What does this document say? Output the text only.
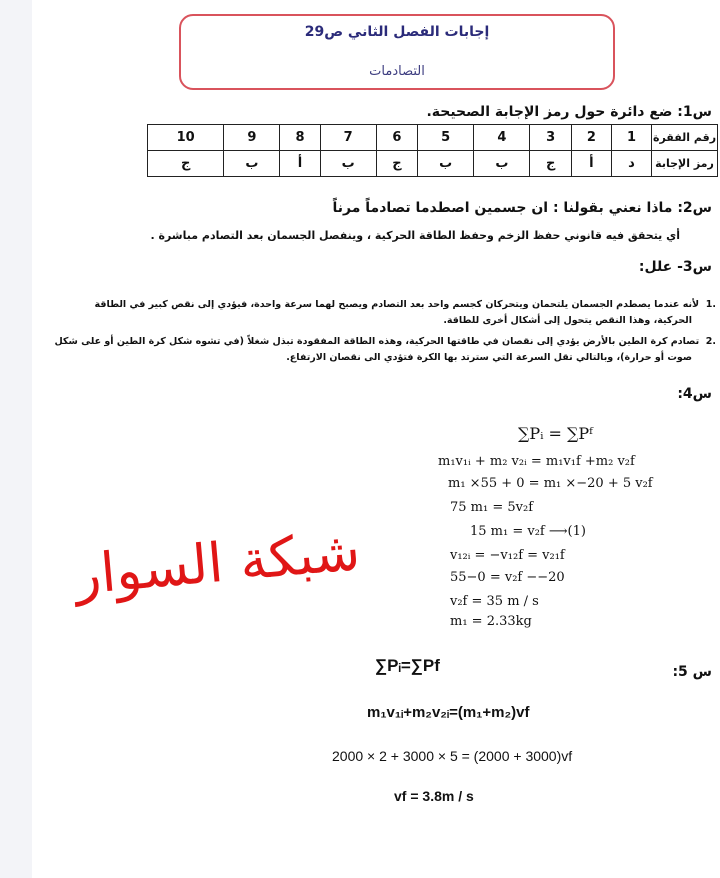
إجابات الفصل الثاني ص29
التصادمات
س1: ضع دائرة حول رمز الإجابة الصحيحة.
رقم الفقرة	1	2	3	4	5	6	7	8	9	10
رمز الإجابة	د	أ	ج	ب	ب	ج	ب	أ	ب	ج
س2: ماذا نعني بقولنا : ان جسمين اصطدما تصادماً مرناً
أي يتحقق فيه قانوني حفظ الزخم وحفظ الطاقة الحركية ، وينفصل الجسمان بعد التصادم مباشرة .
س3- علل:
.1  لأنه عندما يصطدم الجسمان يلتحمان ويتحركان كجسم واحد بعد التصادم ويصبح لهما سرعة واحدة، فيؤدي إلى نقص كبير في الطاقة
الحركية، وهذا النقص يتحول إلى أشكال أخرى للطاقة.
.2  تصادم كرة الطين بالأرض يؤدي إلى نقصان في طاقتها الحركية، وهذه الطاقة المفقودة تبذل شغلاً (في تشوه شكل كرة الطين أو على شكل
صوت أو حرارة)، وبالتالي تقل السرعة التي سترتد بها الكرة فتؤدي الى نقصان الارتفاع.
:س4
∑Pᵢ = ∑Pᶠ
m₁v₁ᵢ + m₂ v₂ᵢ = m₁v₁f +m₂ v₂f
m₁ ×55 + 0 = m₁ ×−20 + 5 v₂f
75 m₁ = 5v₂f
15 m₁ = v₂f ⟶(1)
v₁₂ᵢ = −v₁₂f = v₂₁f
55−0 = v₂f −−20
v₂f = 35 m / s
m₁ = 2.33kg
شبكة السوار
س 5:
∑Pᵢ=∑Pf
m₁v₁ᵢ+m₂v₂ᵢ=(m₁+m₂)vf
2000 × 2 + 3000 × 5 = (2000 + 3000)vf
vf = 3.8m / s
